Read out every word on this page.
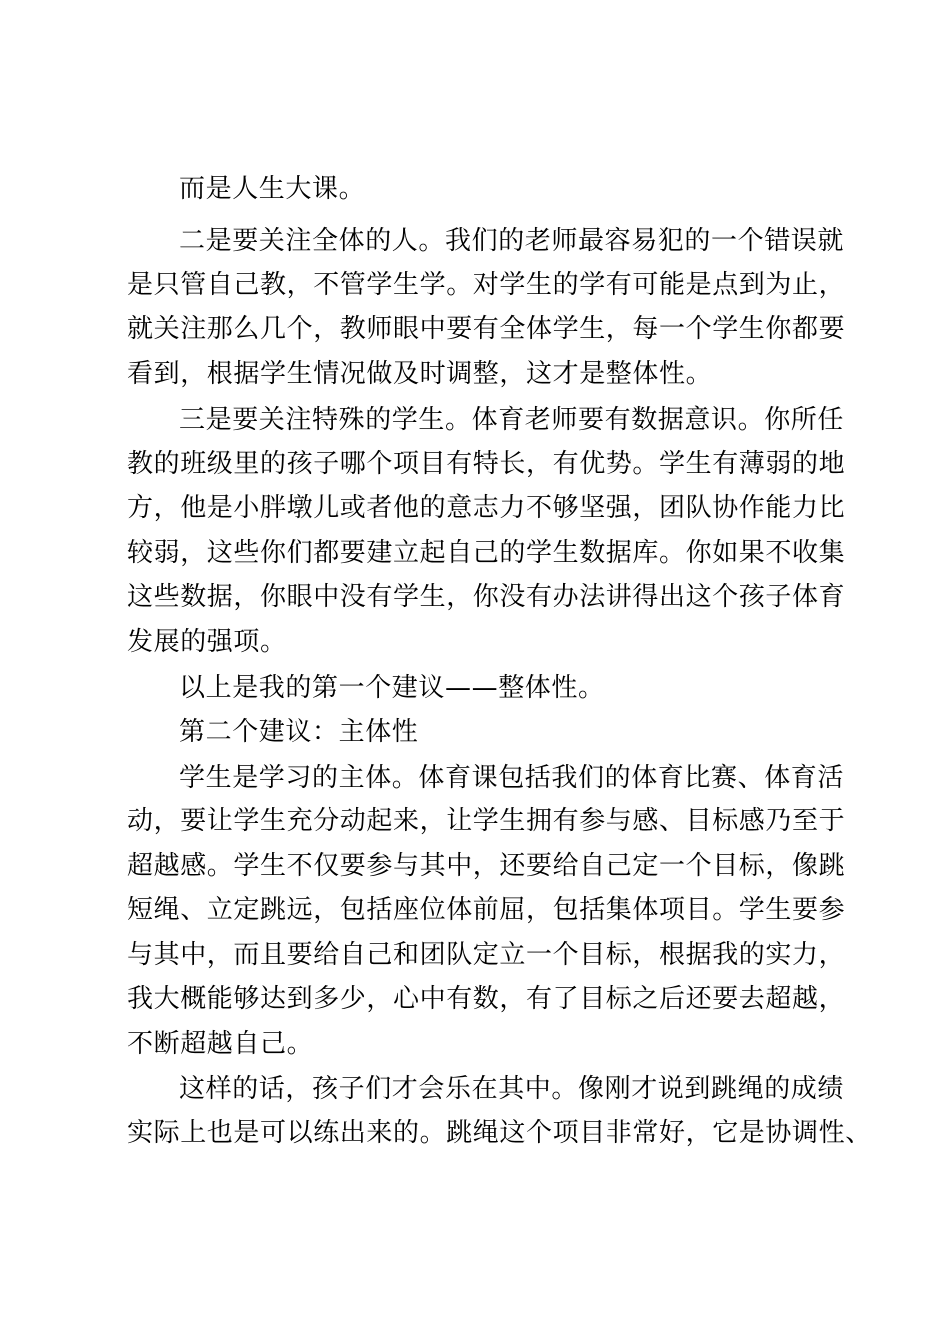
而是人生大课。
二是要关注全体的人。我们的老师最容易犯的一个错误就
是只管自己教，不管学生学。对学生的学有可能是点到为止，
就关注那么几个，教师眼中要有全体学生，每一个学生你都要
看到，根据学生情况做及时调整，这才是整体性。
三是要关注特殊的学生。体育老师要有数据意识。你所任
教的班级里的孩子哪个项目有特长，有优势。学生有薄弱的地
方，他是小胖墩儿或者他的意志力不够坚强，团队协作能力比
较弱，这些你们都要建立起自己的学生数据库。你如果不收集
这些数据，你眼中没有学生，你没有办法讲得出这个孩子体育
发展的强项。
以上是我的第一个建议——整体性。
第二个建议：主体性
学生是学习的主体。体育课包括我们的体育比赛、体育活
动，要让学生充分动起来，让学生拥有参与感、目标感乃至于
超越感。学生不仅要参与其中，还要给自己定一个目标，像跳
短绳、立定跳远，包括座位体前屈，包括集体项目。学生要参
与其中，而且要给自己和团队定立一个目标，根据我的实力，
我大概能够达到多少，心中有数，有了目标之后还要去超越，
不断超越自己。
这样的话，孩子们才会乐在其中。像刚才说到跳绳的成绩
实际上也是可以练出来的。跳绳这个项目非常好，它是协调性、
